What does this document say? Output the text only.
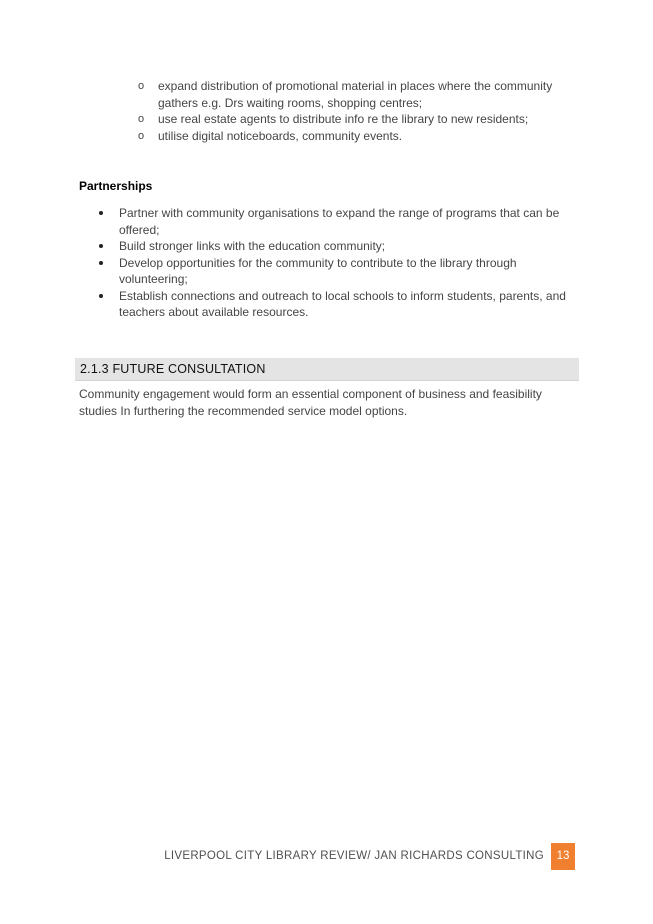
o expand distribution of promotional material in places where the community gathers e.g. Drs waiting rooms, shopping centres;
o use real estate agents to distribute info re the library to new residents;
o utilise digital noticeboards, community events.
Partnerships
Partner with community organisations to expand the range of programs that can be offered;
Build stronger links with the education community;
Develop opportunities for the community to contribute to the library through volunteering;
Establish connections and outreach to local schools to inform students, parents, and teachers about available resources.
2.1.3 FUTURE CONSULTATION

Community engagement would form an essential component of business and feasibility studies In furthering the recommended service model options.

LIVERPOOL CITY LIBRARY REVIEW/ JAN RICHARDS CONSULTING	13
